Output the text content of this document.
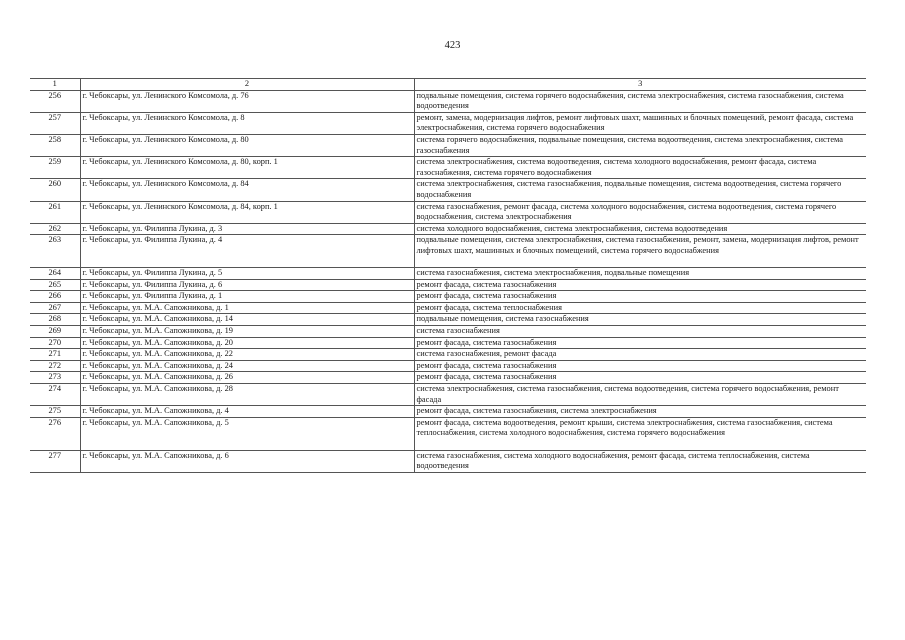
423
1	2	3
256	г. Чебоксары, ул. Ленинского Комсомола, д. 76	подвальные помещения, система горячего водоснабжения, система электроснабжения, система газоснабжения, система водоотведения
257	г. Чебоксары, ул. Ленинского Комсомола, д. 8	ремонт, замена, модернизация лифтов, ремонт лифтовых шахт, машинных и блочных помещений, ремонт фасада, система электроснабжения, система горячего водоснабжения
258	г. Чебоксары, ул. Ленинского Комсомола, д. 80	система горячего водоснабжения, подвальные помещения, система водоотведения, система электроснабжения, система газоснабжения
259	г. Чебоксары, ул. Ленинского Комсомола, д. 80, корп. 1	система электроснабжения, система водоотведения, система холодного водоснабжения, ремонт фасада, система газоснабжения, система горячего водоснабжения
260	г. Чебоксары, ул. Ленинского Комсомола, д. 84	система электроснабжения, система газоснабжения, подвальные помещения, система водоотведения, система горячего водоснабжения
261	г. Чебоксары, ул. Ленинского Комсомола, д. 84, корп. 1	система газоснабжения, ремонт фасада, система холодного водоснабжения, система водоотведения, система горячего водоснабжения, система электроснабжения
262	г. Чебоксары, ул. Филиппа Лукина, д. 3	система холодного водоснабжения, система электроснабжения, система водоотведения
263	г. Чебоксары, ул. Филиппа Лукина, д. 4	подвальные помещения, система электроснабжения, система газоснабжения, ремонт, замена, модернизация лифтов, ремонт лифтовых шахт, машинных и блочных помещений, система горячего водоснабжения
264	г. Чебоксары, ул. Филиппа Лукина, д. 5	система газоснабжения, система электроснабжения, подвальные помещения
265	г. Чебоксары, ул. Филиппа Лукина, д. 6	ремонт фасада, система газоснабжения
266	г. Чебоксары, ул. Филиппа Лукина, д. 1	ремонт фасада, система газоснабжения
267	г. Чебоксары, ул. М.А. Сапожникова, д. 1	ремонт фасада, система теплоснабжения
268	г. Чебоксары, ул. М.А. Сапожникова, д. 14	подвальные помещения, система газоснабжения
269	г. Чебоксары, ул. М.А. Сапожникова, д. 19	система газоснабжения
270	г. Чебоксары, ул. М.А. Сапожникова, д. 20	ремонт фасада, система газоснабжения
271	г. Чебоксары, ул. М.А. Сапожникова, д. 22	система газоснабжения, ремонт фасада
272	г. Чебоксары, ул. М.А. Сапожникова, д. 24	ремонт фасада, система газоснабжения
273	г. Чебоксары, ул. М.А. Сапожникова, д. 26	ремонт фасада, система газоснабжения
274	г. Чебоксары, ул. М.А. Сапожникова, д. 28	система электроснабжения, система газоснабжения, система водоотведения, система горячего водоснабжения, ремонт фасада
275	г. Чебоксары, ул. М.А. Сапожникова, д. 4	ремонт фасада, система газоснабжения, система электроснабжения
276	г. Чебоксары, ул. М.А. Сапожникова, д. 5	ремонт фасада, система водоотведения, ремонт крыши, система электроснабжения, система газоснабжения, система теплоснабжения, система холодного водоснабжения, система горячего водоснабжения
277	г. Чебоксары, ул. М.А. Сапожникова, д. 6	система газоснабжения, система холодного водоснабжения, ремонт фасада, система теплоснабжения, система водоотведения
